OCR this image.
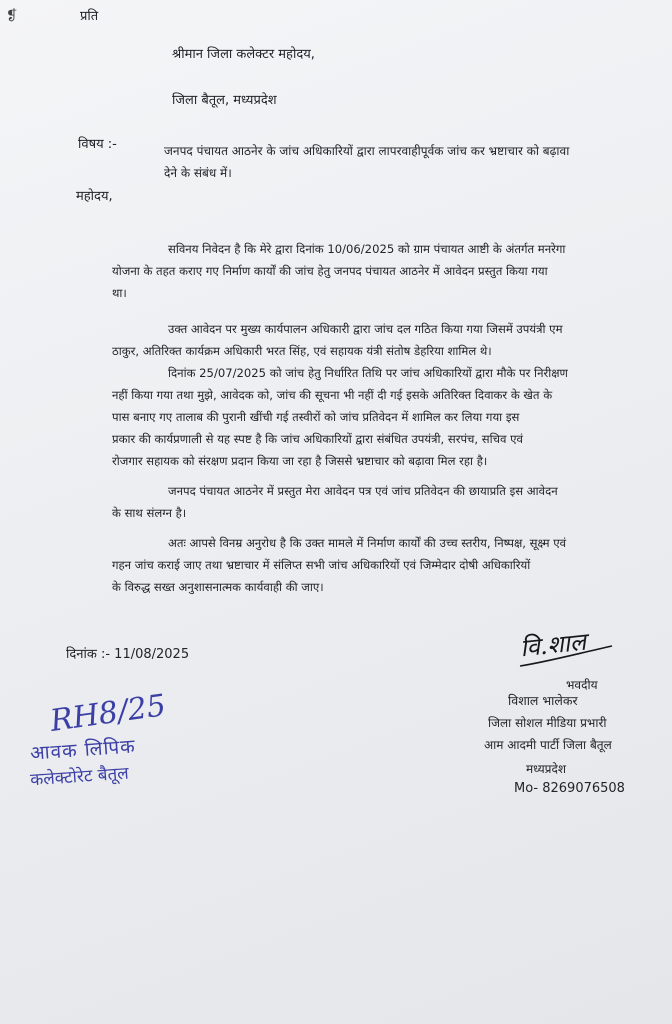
❡	प्रति
श्रीमान जिला कलेक्टर महोदय,
जिला बैतूल, मध्यप्रदेश
विषय :-	जनपद पंचायत आठनेर के जांच अधिकारियों द्वारा लापरवाहीपूर्वक जांच कर भ्रष्टाचार को बढ़ावा
देने के संबंध में।
महोदय,
सविनय निवेदन है कि मेरे द्वारा दिनांक 10/06/2025 को ग्राम पंचायत आष्टी के अंतर्गत मनरेगा
योजना के तहत कराए गए निर्माण कार्यों की जांच हेतु जनपद पंचायत आठनेर में आवेदन प्रस्तुत किया गया
था।
उक्त आवेदन पर मुख्य कार्यपालन अधिकारी द्वारा जांच दल गठित किया गया जिसमें उपयंत्री एम
ठाकुर, अतिरिक्त कार्यक्रम अधिकारी भरत सिंह, एवं सहायक यंत्री संतोष डेहरिया शामिल थे।
दिनांक 25/07/2025 को जांच हेतु निर्धारित तिथि पर जांच अधिकारियों द्वारा मौके पर निरीक्षण
नहीं किया गया तथा मुझे, आवेदक को, जांच की सूचना भी नहीं दी गई इसके अतिरिक्त दिवाकर के खेत के
पास बनाए गए तालाब की पुरानी खींची गई तस्वीरों को जांच प्रतिवेदन में शामिल कर लिया गया इस
प्रकार की कार्यप्रणाली से यह स्पष्ट है कि जांच अधिकारियों द्वारा संबंधित उपयंत्री, सरपंच, सचिव एवं
रोजगार सहायक को संरक्षण प्रदान किया जा रहा है जिससे भ्रष्टाचार को बढ़ावा मिल रहा है।
जनपद पंचायत आठनेर में प्रस्तुत मेरा आवेदन पत्र एवं जांच प्रतिवेदन की छायाप्रति इस आवेदन
के साथ संलग्न है।
अतः आपसे विनम्र अनुरोध है कि उक्त मामले में निर्माण कार्यों की उच्च स्तरीय, निष्पक्ष, सूक्ष्म एवं
गहन जांच कराई जाए तथा भ्रष्टाचार में संलिप्त सभी जांच अधिकारियों एवं जिम्मेदार दोषी अधिकारियों
के विरुद्ध सख्त अनुशासनात्मक कार्यवाही की जाए।
दिनांक :- 11/08/2025	वि.शाल
भवदीय
विशाल भालेकर
जिला सोशल मीडिया प्रभारी
आम आदमी पार्टी जिला बैतूल
मध्यप्रदेश
Mo- 8269076508
RH8/25
आवक लिपिक
कलेक्टोरेट बैतूल
